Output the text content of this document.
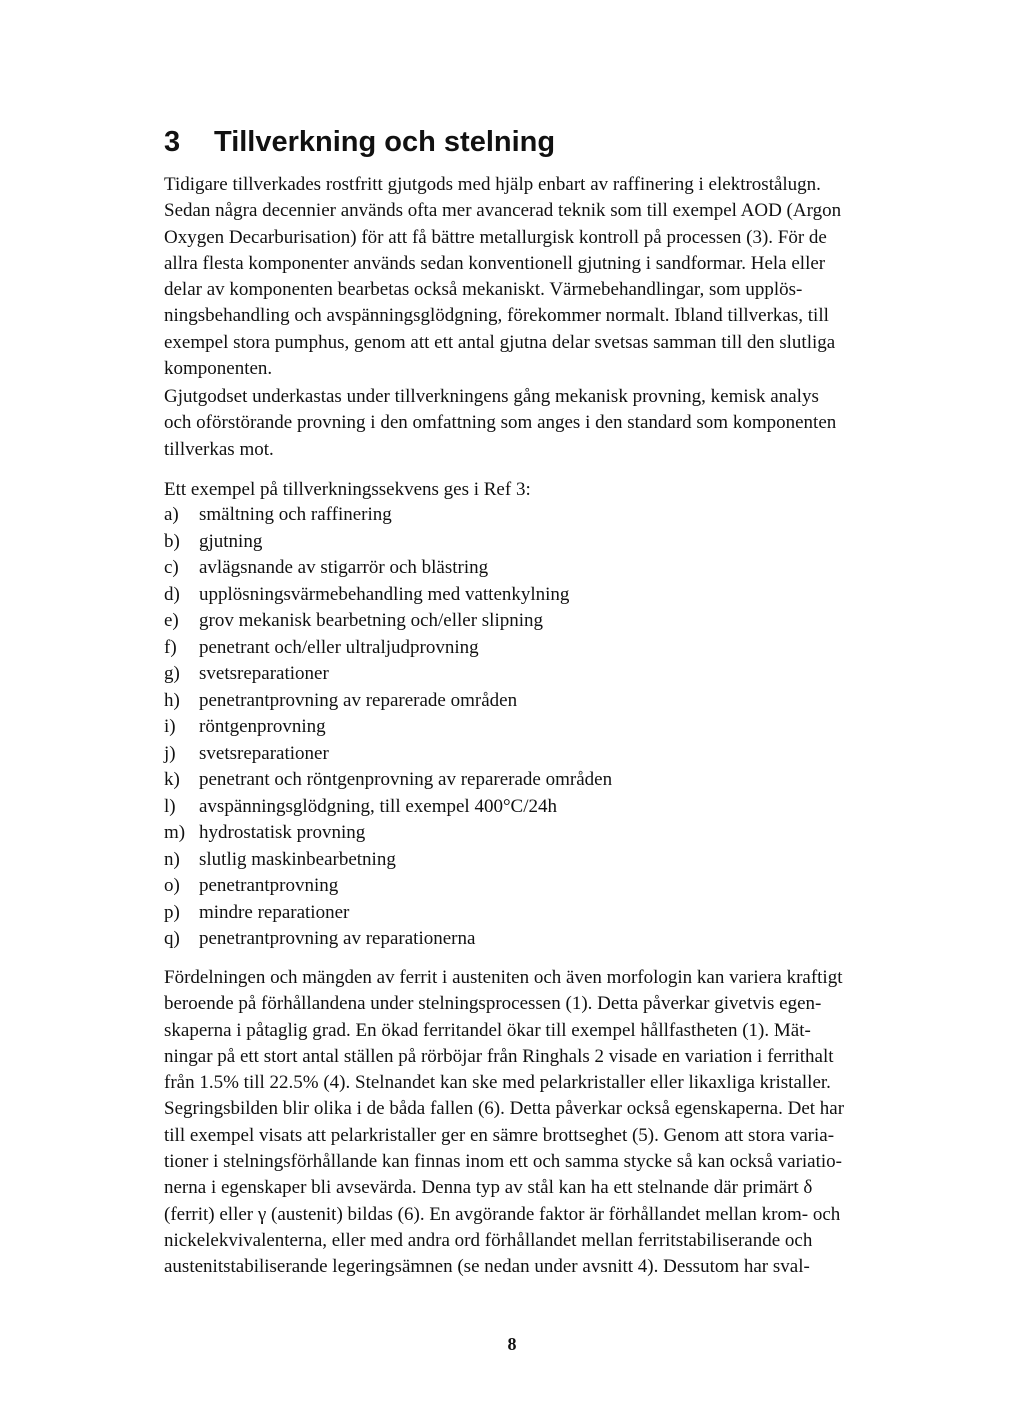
3 Tillverkning och stelning
Tidigare tillverkades rostfritt gjutgods med hjälp enbart av raffinering i elektrostålugn.
Sedan några decennier används ofta mer avancerad teknik som till exempel AOD (Argon
Oxygen Decarburisation) för att få bättre metallurgisk kontroll på processen (3). För de
allra flesta komponenter används sedan konventionell gjutning i sandformar. Hela eller
delar av komponenten bearbetas också mekaniskt. Värmebehandlingar, som upplös-
ningsbehandling och avspänningsglödgning, förekommer normalt. Ibland tillverkas, till
exempel stora pumphus, genom att ett antal gjutna delar svetsas samman till den slutliga
komponenten.
Gjutgodset underkastas under tillverkningens gång mekanisk provning, kemisk analys
och oförstörande provning i den omfattning som anges i den standard som komponenten
tillverkas mot.
Ett exempel på tillverkningssekvens ges i Ref 3:
a) smältning och raffinering
b) gjutning
c) avlägsnande av stigarrör och blästring
d) upplösningsvärmebehandling med vattenkylning
e) grov mekanisk bearbetning och/eller slipning
f) penetrant och/eller ultraljudprovning
g) svetsreparationer
h) penetrantprovning av reparerade områden
i) röntgenprovning
j) svetsreparationer
k) penetrant och röntgenprovning av reparerade områden
l) avspänningsglödgning, till exempel 400°C/24h
m) hydrostatisk provning
n) slutlig maskinbearbetning
o) penetrantprovning
p) mindre reparationer
q) penetrantprovning av reparationerna
Fördelningen och mängden av ferrit i austeniten och även morfologin kan variera kraftigt
beroende på förhållandena under stelningsprocessen (1). Detta påverkar givetvis egen-
skaperna i påtaglig grad. En ökad ferritandel ökar till exempel hållfastheten (1). Mät-
ningar på ett stort antal ställen på rörböjar från Ringhals 2 visade en variation i ferrithalt
från 1.5% till 22.5% (4). Stelnandet kan ske med pelarkristaller eller likaxliga kristaller.
Segringsbilden blir olika i de båda fallen (6). Detta påverkar också egenskaperna. Det har
till exempel visats att pelarkristaller ger en sämre brottseghet (5). Genom att stora varia-
tioner i stelningsförhållande kan finnas inom ett och samma stycke så kan också variatio-
nerna i egenskaper bli avsevärda. Denna typ av stål kan ha ett stelnande där primärt δ
(ferrit) eller γ (austenit) bildas (6). En avgörande faktor är förhållandet mellan krom- och
nickelekvivalenterna, eller med andra ord förhållandet mellan ferritstabiliserande och
austenitstabiliserande legeringsämnen (se nedan under avsnitt 4). Dessutom har sval-

8
